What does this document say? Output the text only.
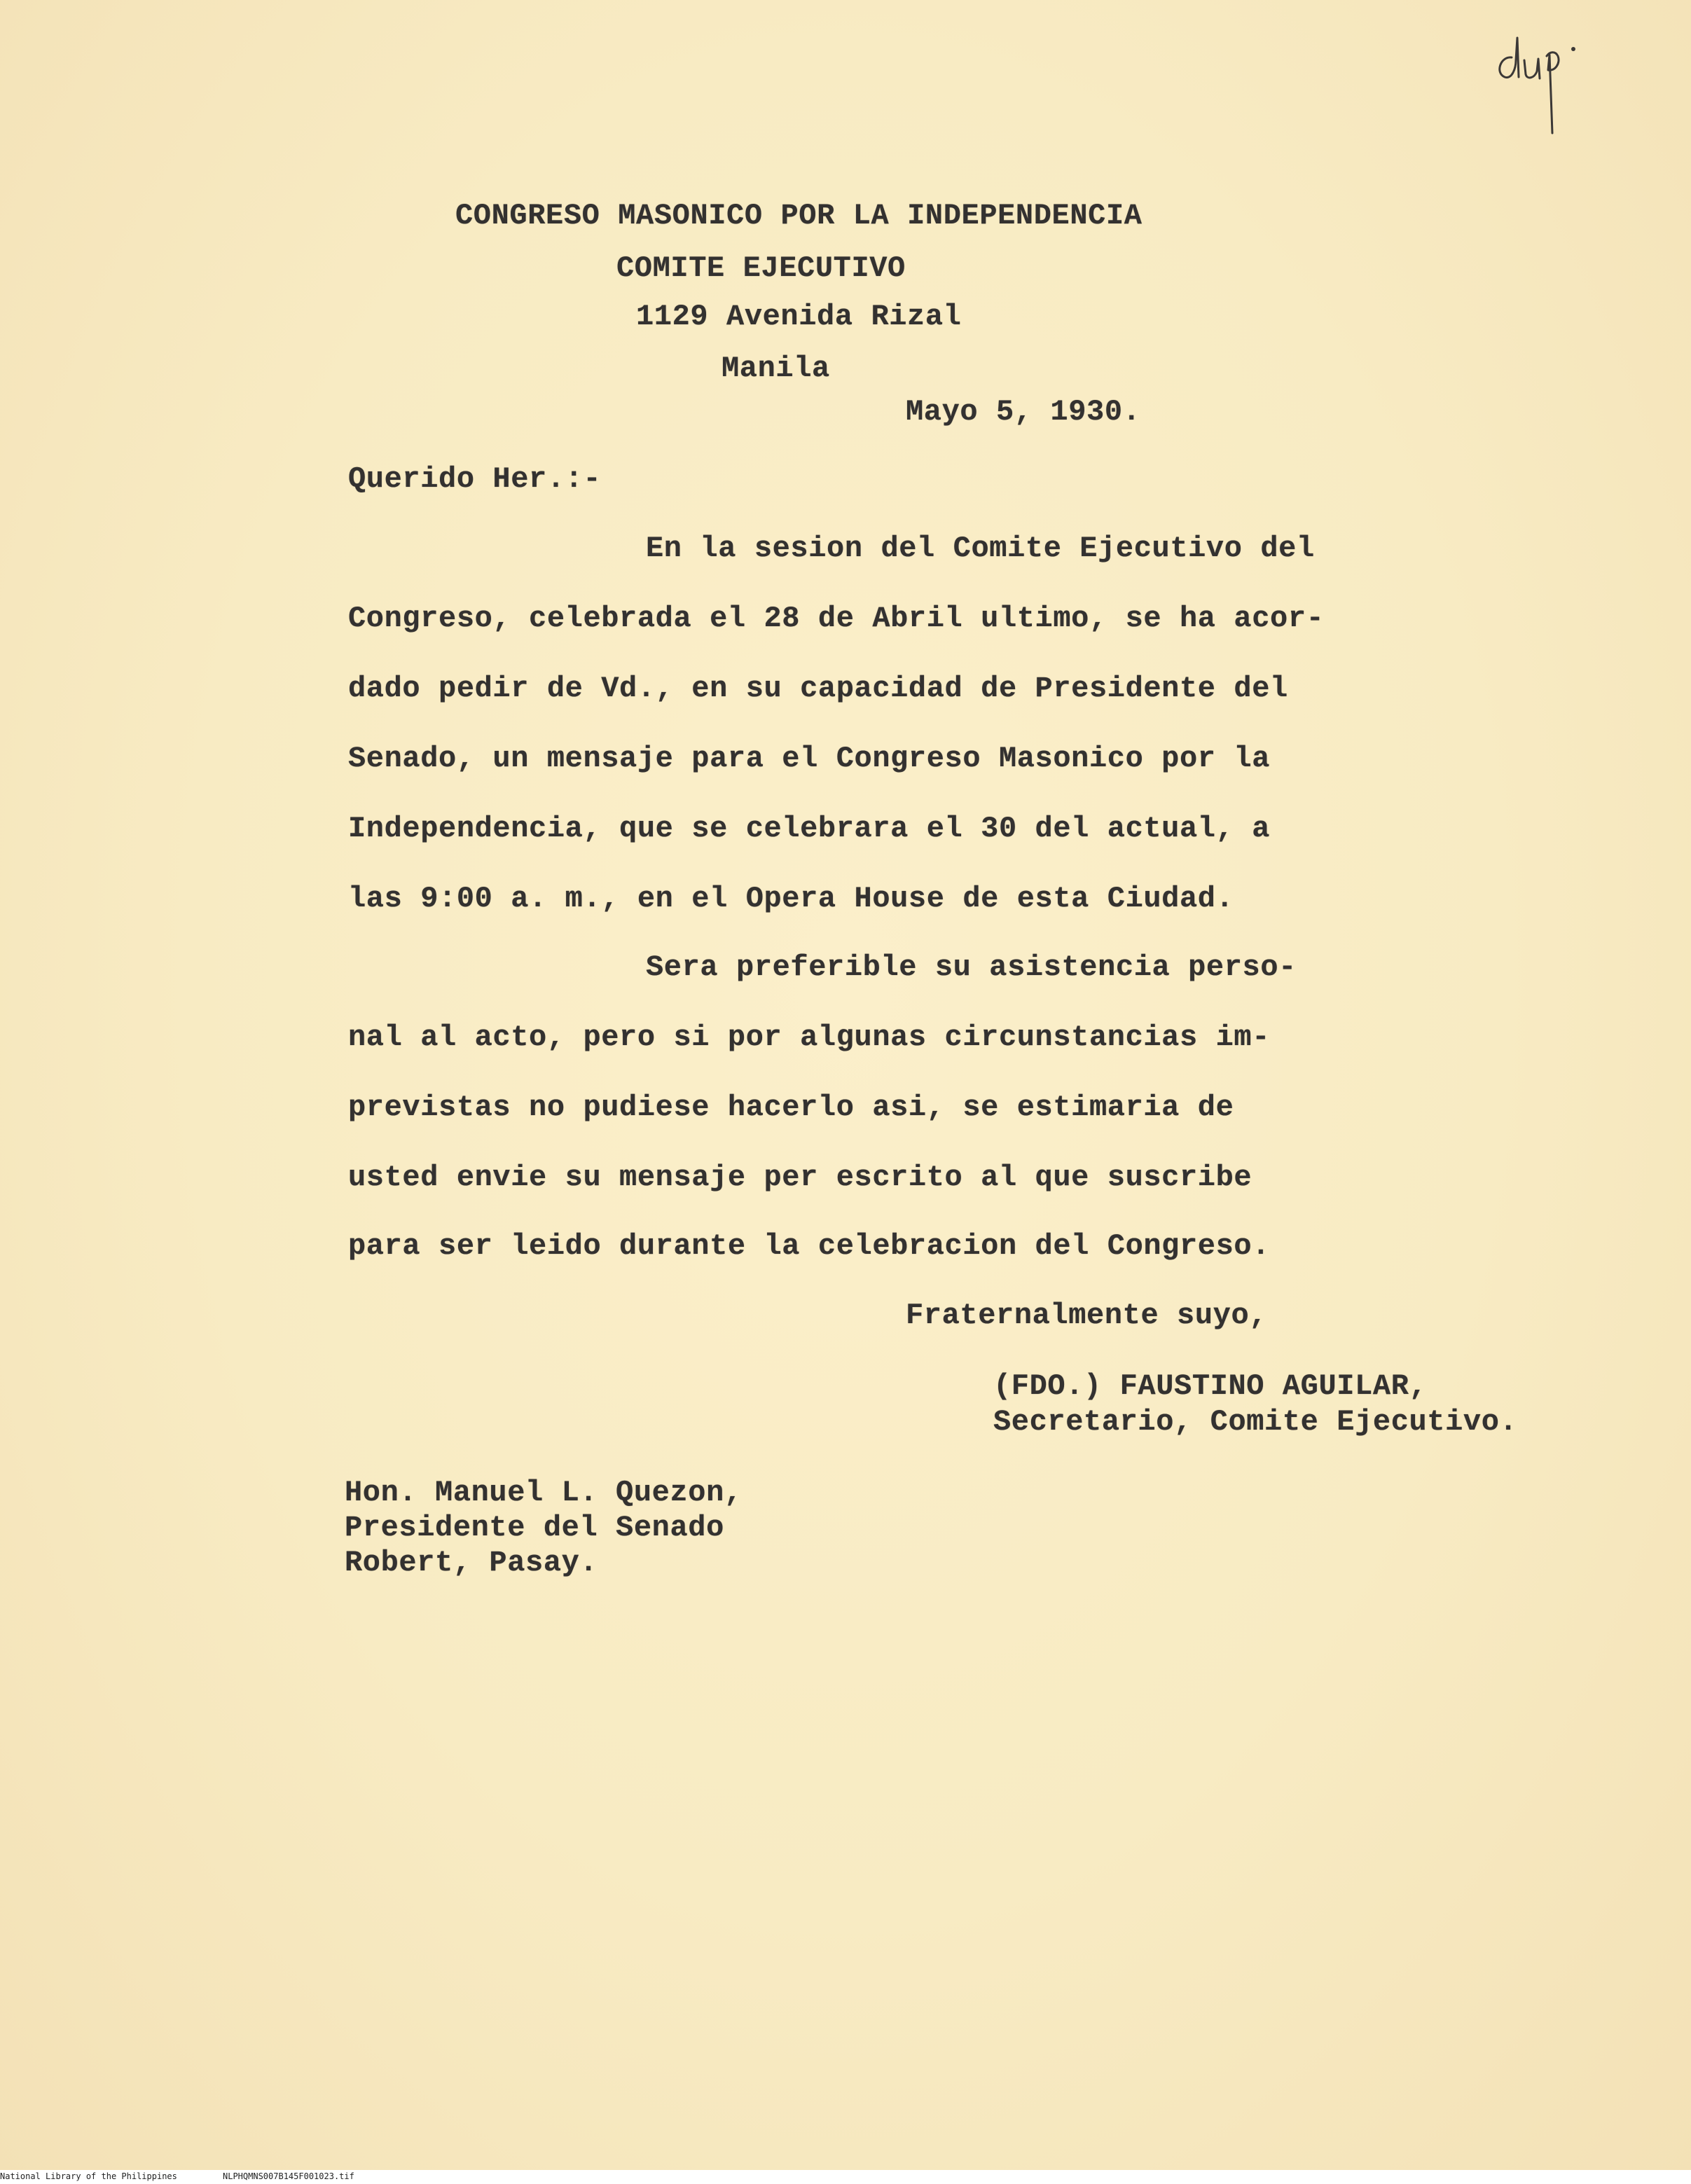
CONGRESO MASONICO POR LA INDEPENDENCIA
COMITE EJECUTIVO
1129 Avenida Rizal
Manila
Mayo 5, 1930.
Querido Her.:-
En la sesion del Comite Ejecutivo del
Congreso, celebrada el 28 de Abril ultimo, se ha acor-
dado pedir de Vd., en su capacidad de Presidente del
Senado, un mensaje para el Congreso Masonico por la
Independencia, que se celebrara el 30 del actual, a
las 9:00 a. m., en el Opera House de esta Ciudad.
Sera preferible su asistencia perso-
nal al acto, pero si por algunas circunstancias im-
previstas no pudiese hacerlo asi, se estimaria de
usted envie su mensaje per escrito al que suscribe
para ser leido durante la celebracion del Congreso.
Fraternalmente suyo,
(FDO.) FAUSTINO AGUILAR,
Secretario, Comite Ejecutivo.
Hon. Manuel L. Quezon,
Presidente del Senado
Robert, Pasay.
National Library of the Philippines	NLPHQMNS007B145F001023.tif
